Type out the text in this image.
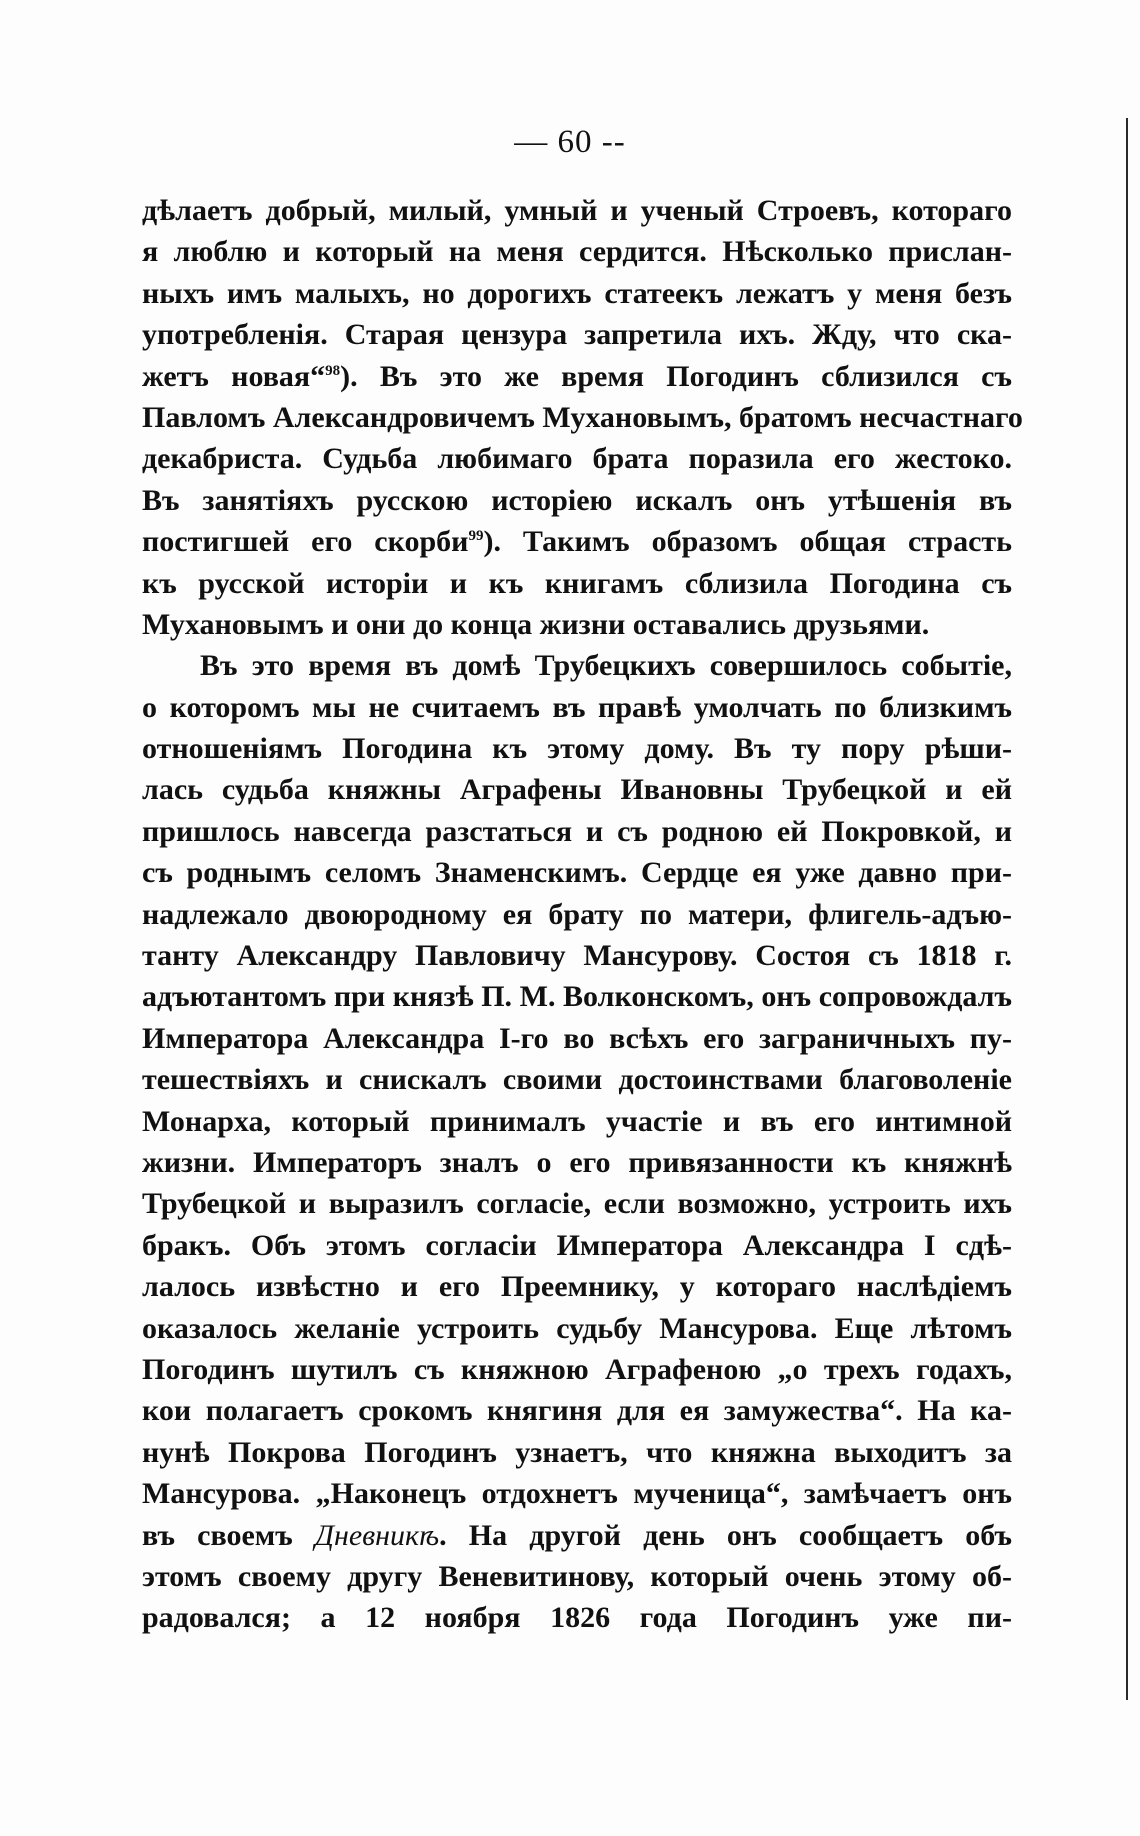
— 60 --
дѣлаетъ добрый, милый, умный и ученый Строевъ, котораго
я люблю и который на меня сердится. Нѣсколько прислан-
ныхъ имъ малыхъ, но дорогихъ статеекъ лежатъ у меня безъ
употребленія. Старая цензура запретила ихъ. Жду, что ска-
жетъ новая“$^{98}$). Въ это же время Погодинъ сблизился съ
Павломъ Александровичемъ Мухановымъ, братомъ несчастнаго
декабриста. Судьба любимаго брата поразила его жестоко.
Въ занятіяхъ русскою исторіею искалъ онъ утѣшенія въ
постигшей его скорби$^{99}$). Такимъ образомъ общая страсть
къ русской исторіи и къ книгамъ сблизила Погодина съ
Мухановымъ и они до конца жизни оставались друзьями.
Въ это время въ домѣ Трубецкихъ совершилось событіе,
о которомъ мы не считаемъ въ правѣ умолчать по близкимъ
отношеніямъ Погодина къ этому дому. Въ ту пору рѣши-
лась судьба княжны Аграфены Ивановны Трубецкой и ей
пришлось навсегда разстаться и съ родною ей Покровкой, и
съ роднымъ селомъ Знаменскимъ. Сердце ея уже давно при-
надлежало двоюродному ея брату по матери, флигель-адъю-
танту Александру Павловичу Мансурову. Состоя съ 1818 г.
адъютантомъ при князѣ П. М. Волконскомъ, онъ сопровождалъ
Императора Александра I-го во всѣхъ его заграничныхъ пу-
тешествіяхъ и снискалъ своими достоинствами благоволеніе
Монарха, который принималъ участіе и въ его интимной
жизни. Императоръ зналъ о его привязанности къ княжнѣ
Трубецкой и выразилъ согласіе, если возможно, устроить ихъ
бракъ. Объ этомъ согласіи Императора Александра I сдѣ-
лалось извѣстно и его Преемнику, у котораго наслѣдіемъ
оказалось желаніе устроить судьбу Мансурова. Еще лѣтомъ
Погодинъ шутилъ съ княжною Аграфеною „о трехъ годахъ,
кои полагаетъ срокомъ княгиня для ея замужества“. На ка-
нунѣ Покрова Погодинъ узнаетъ, что княжна выходитъ за
Мансурова. „Наконецъ отдохнетъ мученица“, замѣчаетъ онъ
въ своемъ Дневникѣ. На другой день онъ сообщаетъ объ
этомъ своему другу Веневитинову, который очень этому об-
радовался; а 12 ноября 1826 года Погодинъ уже пи-
